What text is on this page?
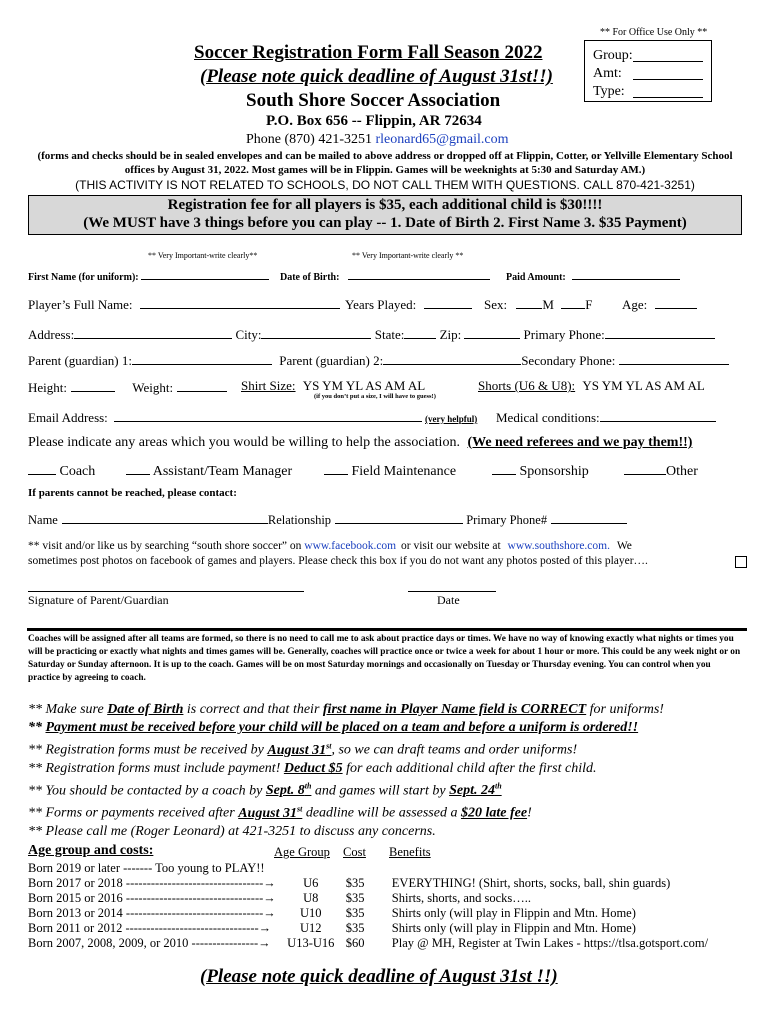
** For Office Use Only **
Group:
Amt:
Type:
Soccer Registration Form Fall Season 2022
(Please note quick deadline of August 31st!!)
South Shore Soccer Association
P.O. Box 656 -- Flippin, AR 72634
Phone (870) 421-3251 rleonard65@gmail.com
(forms and checks should be in sealed envelopes and can be mailed to above address or dropped off at Flippin, Cotter, or Yellville Elementary School offices by August 31, 2022. Most games will be in Flippin. Games will be weeknights at 5:30 and Saturday AM.)
(THIS ACTIVITY IS NOT RELATED TO SCHOOLS, DO NOT CALL THEM WITH QUESTIONS. CALL 870-421-3251)
Registration fee for all players is $35, each additional child is $30!!!!
(We MUST have 3 things before you can play -- 1. Date of Birth 2. First Name 3. $35 Payment)
** Very Important-write clearly**	** Very Important-write clearly **
First Name (for uniform):	Date of Birth:	Paid Amount:
Player’s Full Name:	Years Played:	Sex:	M F Age:
Address:	City:	State:	Zip:	Primary Phone:
Parent (guardian) 1:	Parent (guardian) 2:	Secondary Phone:
Height:	Weight:	Shirt Size: YS YM YL AS AM AL
(if you don’t put a size, I will have to guess!)
Shorts (U6 & U8): YS YM YL AS AM AL
Email Address:	(very helpful) Medical conditions:
Please indicate any areas which you would be willing to help the association. (We need referees and we pay them!!)
Coach	Assistant/Team Manager	Field Maintenance	Sponsorship	Other
If parents cannot be reached, please contact:
Name	Relationship	Primary Phone#
** visit and/or like us by searching “south shore soccer” on www.facebook.com or visit our website at www.southshore.com. We
sometimes post photos on facebook of games and players. Please check this box if you do not want any photos posted of this player….
Signature of Parent/Guardian	Date
Coaches will be assigned after all teams are formed, so there is no need to call me to ask about practice days or times. We have no way of knowing exactly what nights or times you will be practicing or exactly what nights and times games will be. Generally, coaches will practice once or twice a week for about 1 hour or more. This could be any week night or on Saturday or Sunday afternoon. It is up to the coach. Games will be on most Saturday mornings and occasionally on Tuesday or Thursday evening. You can control when you practice by agreeing to coach.
** Make sure Date of Birth is correct and that their first name in Player Name field is CORRECT for uniforms!
** Payment must be received before your child will be placed on a team and before a uniform is ordered!!
** Registration forms must be received by August 31st, so we can draft teams and order uniforms!
** Registration forms must include payment! Deduct $5 for each additional child after the first child.
** You should be contacted by a coach by Sept. 8th and games will start by Sept. 24th
** Forms or payments received after August 31st deadline will be assessed a $20 late fee!
** Please call me (Roger Leonard) at 421-3251 to discuss any concerns.
Age group and costs:	Age Group Cost Benefits
Born 2019 or later ------- Too young to PLAY!!			
Born 2017 or 2018 ---------------------------------→	U6	$35	EVERYTHING! (Shirt, shorts, socks, ball, shin guards)
Born 2015 or 2016 ---------------------------------→	U8	$35	Shirts, shorts, and socks…..
Born 2013 or 2014 ---------------------------------→	U10	$35	Shirts only (will play in Flippin and Mtn. Home)
Born 2011 or 2012 --------------------------------→	U12	$35	Shirts only (will play in Flippin and Mtn. Home)
Born 2007, 2008, 2009, or 2010 ----------------→	U13-U16	$60	Play @ MH, Register at Twin Lakes - https://tlsa.gotsport.com/
(Please note quick deadline of August 31st !!)
